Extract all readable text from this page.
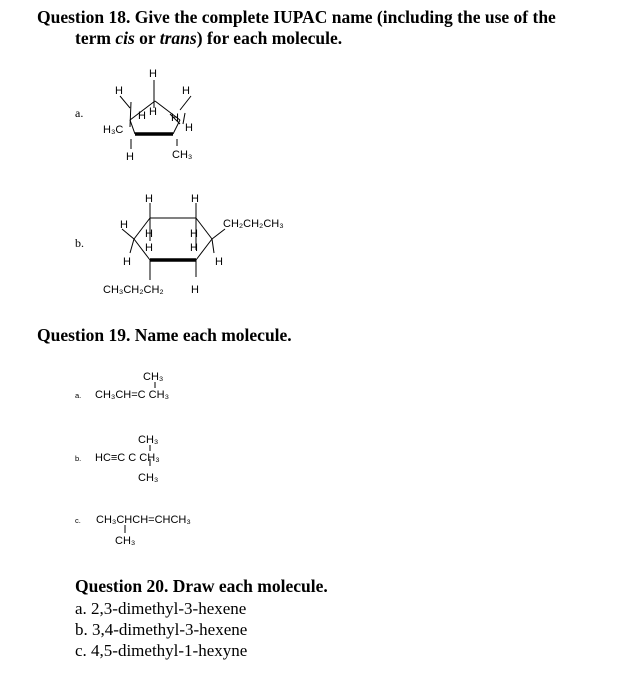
Question 18. Give the complete IUPAC name (including the use of the
term cis or trans) for each molecule.
a.
b.
H
H	H
H
H H
H
H₃C
H	CH₃
H	H
H
H
H
H
H
H	H
CH₂CH₂CH₃
CH₃CH₂CH₂ H
Question 19. Name each molecule.
a.
CH₃
CH₃CH=C CH₃
b.
CH₃
HC≡C C CH₃
CH₃
c. CH₃CHCH=CHCH₃
CH₃
Question 20. Draw each molecule.
a. 2,3-dimethyl-3-hexene
b. 3,4-dimethyl-3-hexene
c. 4,5-dimethyl-1-hexyne
